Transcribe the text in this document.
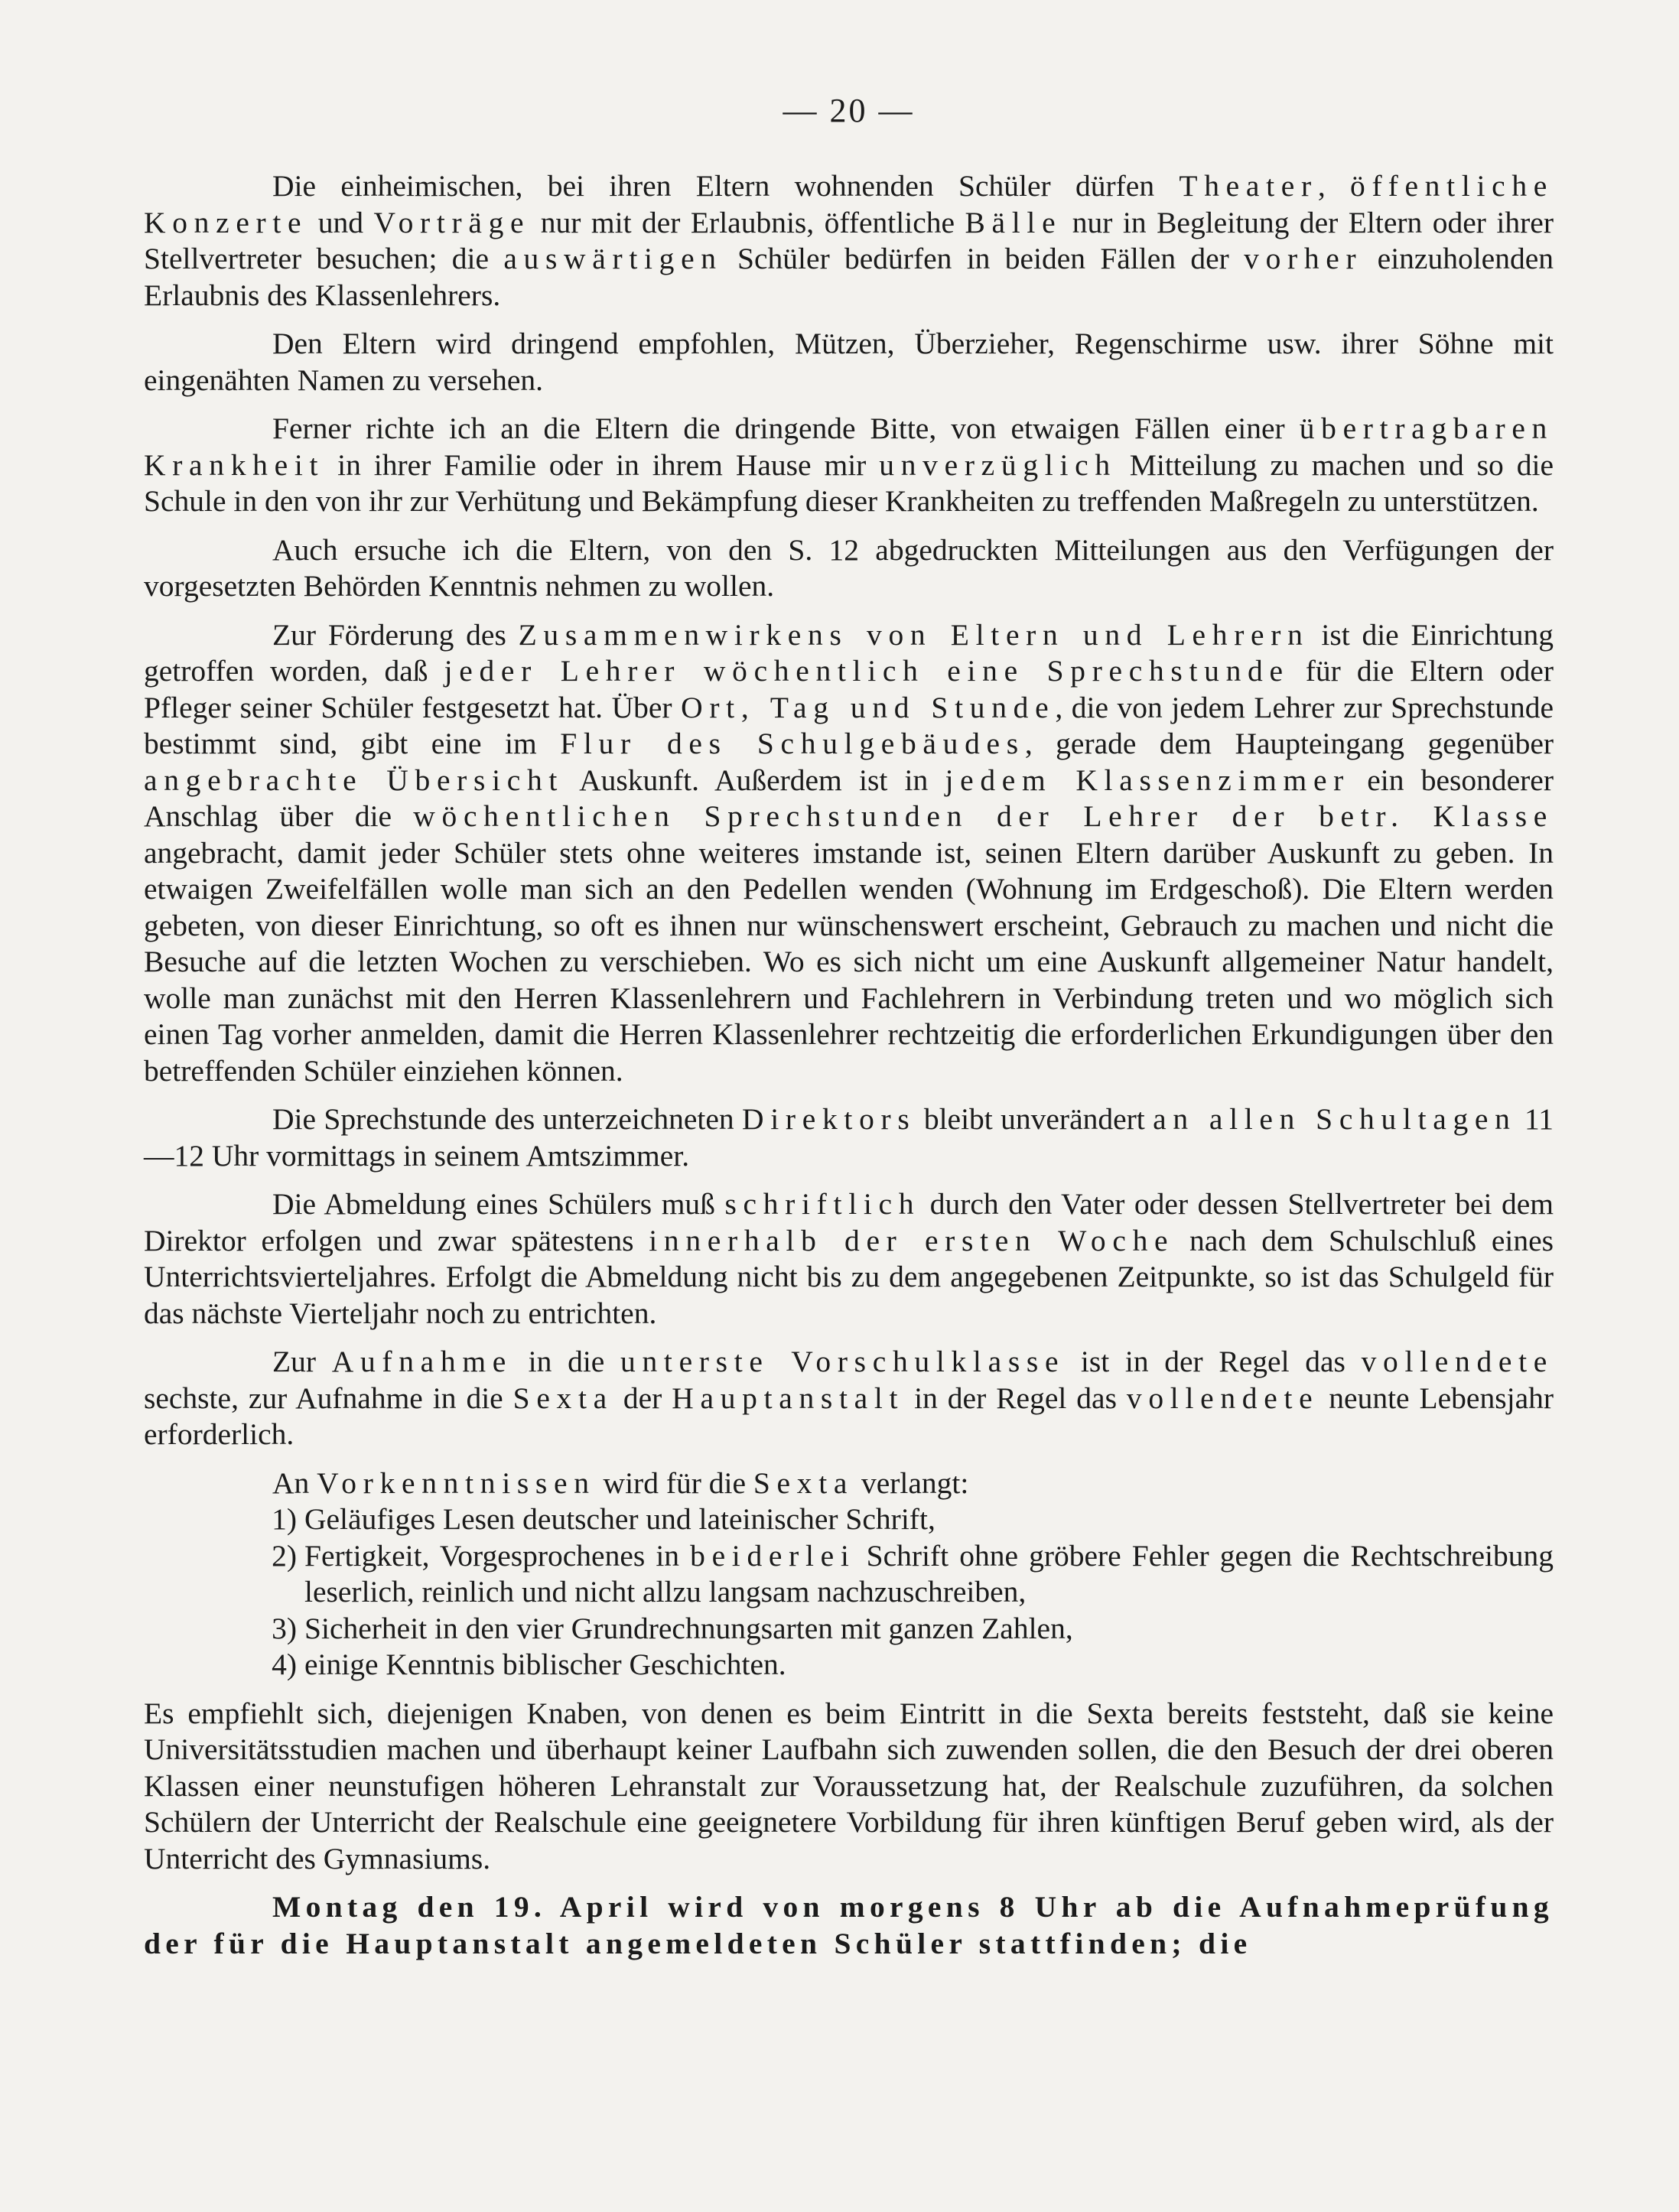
— 20 —

Die einheimischen, bei ihren Eltern wohnenden Schüler dürfen Theater, öffentliche Konzerte und Vorträge nur mit der Erlaubnis, öffentliche Bälle nur in Begleitung der Eltern oder ihrer Stellvertreter besuchen; die auswärtigen Schüler bedürfen in beiden Fällen der vorher einzuholenden Erlaubnis des Klassenlehrers.

Den Eltern wird dringend empfohlen, Mützen, Überzieher, Regenschirme usw. ihrer Söhne mit eingenähten Namen zu versehen.

Ferner richte ich an die Eltern die dringende Bitte, von etwaigen Fällen einer übertragbaren Krankheit in ihrer Familie oder in ihrem Hause mir unverzüglich Mitteilung zu machen und so die Schule in den von ihr zur Verhütung und Bekämpfung dieser Krankheiten zu treffenden Maßregeln zu unterstützen.

Auch ersuche ich die Eltern, von den S. 12 abgedruckten Mitteilungen aus den Verfügungen der vorgesetzten Behörden Kenntnis nehmen zu wollen.

Zur Förderung des Zusammenwirkens von Eltern und Lehrern ist die Einrichtung getroffen worden, daß jeder Lehrer wöchentlich eine Sprechstunde für die Eltern oder Pfleger seiner Schüler festgesetzt hat. Über Ort, Tag und Stunde, die von jedem Lehrer zur Sprechstunde bestimmt sind, gibt eine im Flur des Schulgebäudes, gerade dem Haupteingang gegenüber angebrachte Übersicht Auskunft. Außerdem ist in jedem Klassenzimmer ein besonderer Anschlag über die wöchentlichen Sprechstunden der Lehrer der betr. Klasse angebracht, damit jeder Schüler stets ohne weiteres imstande ist, seinen Eltern darüber Auskunft zu geben. In etwaigen Zweifelfällen wolle man sich an den Pedellen wenden (Wohnung im Erdgeschoß). Die Eltern werden gebeten, von dieser Einrichtung, so oft es ihnen nur wünschenswert erscheint, Gebrauch zu machen und nicht die Besuche auf die letzten Wochen zu verschieben. Wo es sich nicht um eine Auskunft allgemeiner Natur handelt, wolle man zunächst mit den Herren Klassenlehrern und Fachlehrern in Verbindung treten und wo möglich sich einen Tag vorher anmelden, damit die Herren Klassenlehrer rechtzeitig die erforderlichen Erkundigungen über den betreffenden Schüler einziehen können.

Die Sprechstunde des unterzeichneten Direktors bleibt unverändert an allen Schultagen 11—12 Uhr vormittags in seinem Amtszimmer.

Die Abmeldung eines Schülers muß schriftlich durch den Vater oder dessen Stellvertreter bei dem Direktor erfolgen und zwar spätestens innerhalb der ersten Woche nach dem Schulschluß eines Unterrichtsvierteljahres. Erfolgt die Abmeldung nicht bis zu dem angegebenen Zeitpunkte, so ist das Schulgeld für das nächste Vierteljahr noch zu entrichten.

Zur Aufnahme in die unterste Vorschulklasse ist in der Regel das vollendete sechste, zur Aufnahme in die Sexta der Hauptanstalt in der Regel das vollendete neunte Lebensjahr erforderlich.

An Vorkenntnissen wird für die Sexta verlangt:

1) Geläufiges Lesen deutscher und lateinischer Schrift,
2) Fertigkeit, Vorgesprochenes in beiderlei Schrift ohne gröbere Fehler gegen die Rechtschreibung leserlich, reinlich und nicht allzu langsam nachzuschreiben,
3) Sicherheit in den vier Grundrechnungsarten mit ganzen Zahlen,
4) einige Kenntnis biblischer Geschichten.

Es empfiehlt sich, diejenigen Knaben, von denen es beim Eintritt in die Sexta bereits feststeht, daß sie keine Universitätsstudien machen und überhaupt keiner Laufbahn sich zuwenden sollen, die den Besuch der drei oberen Klassen einer neunstufigen höheren Lehranstalt zur Voraussetzung hat, der Realschule zuzuführen, da solchen Schülern der Unterricht der Realschule eine geeignetere Vorbildung für ihren künftigen Beruf geben wird, als der Unterricht des Gymnasiums.

Montag den 19. April wird von morgens 8 Uhr ab die Aufnahmeprüfung der für die Hauptanstalt angemeldeten Schüler stattfinden; die
